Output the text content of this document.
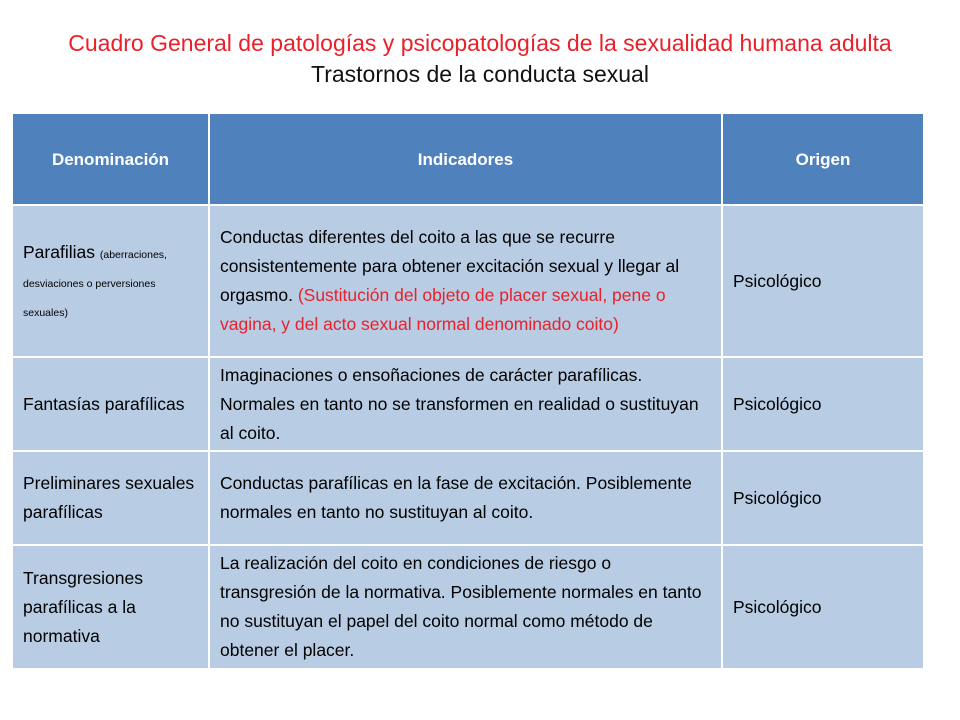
Cuadro General de patologías y psicopatologías de la sexualidad humana adulta
Trastornos de la conducta sexual
Denominación	Indicadores	Origen
Parafilias (aberraciones, desviaciones o perversiones sexuales)	Conductas diferentes del coito a las que se recurre consistentemente para obtener excitación sexual y llegar al orgasmo. (Sustitución del objeto de placer sexual, pene o vagina, y del acto sexual normal denominado coito)	Psicológico
Fantasías parafílicas	Imaginaciones o ensoñaciones de carácter parafílicas. Normales en tanto no se transformen en realidad o sustituyan al coito.	Psicológico
Preliminares sexuales parafílicas	Conductas parafílicas en la fase de excitación. Posiblemente normales en tanto no sustituyan al coito.	Psicológico
Transgresiones parafílicas a la normativa	La realización del coito en condiciones de riesgo o transgresión de la normativa. Posiblemente normales en tanto no sustituyan el papel del coito normal como método de obtener el placer.	Psicológico
